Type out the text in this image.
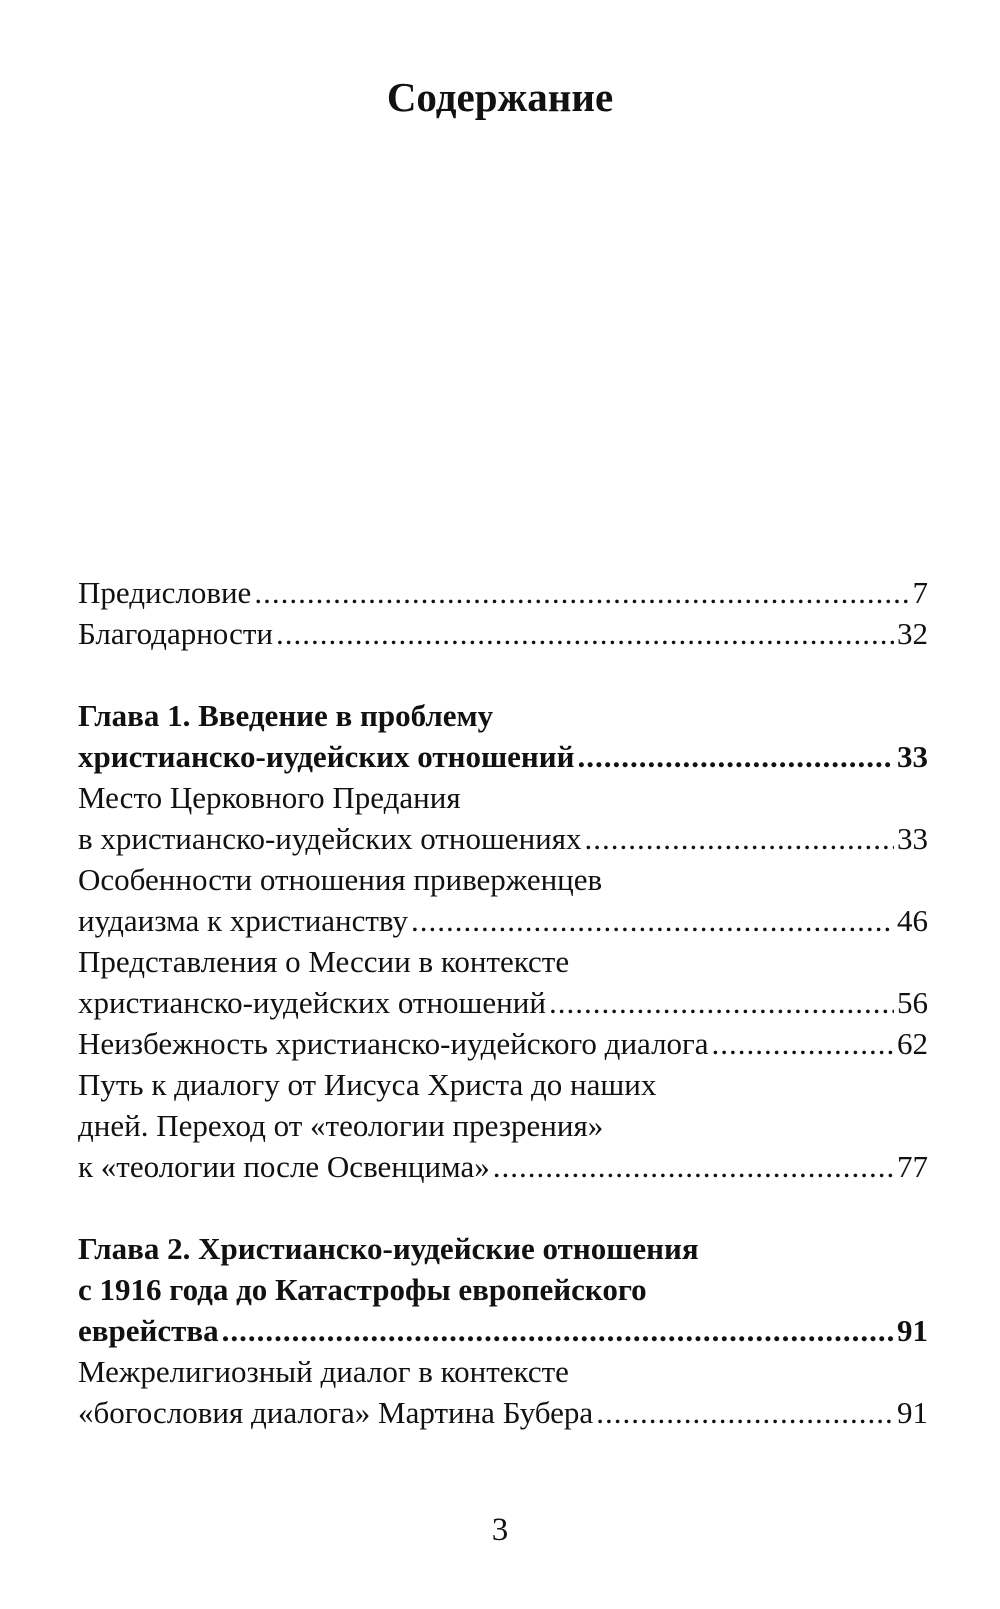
Содержание
Предисловие .....	7
Благодарности .....	32
Глава 1. Введение в проблему
христианско-иудейских отношений .....	33
Место Церковного Предания
в христианско-иудейских отношениях .....	33
Особенности отношения приверженцев
иудаизма к христианству .....	46
Представления о Мессии в контексте
христианско-иудейских отношений .....	56
Неизбежность христианско-иудейского диалога .....	62
Путь к диалогу от Иисуса Христа до наших
дней. Переход от «теологии презрения»
к «теологии после Освенцима» .....	77
Глава 2. Христианско-иудейские отношения
с 1916 года до Катастрофы европейского
еврейства .....	91
Межрелигиозный диалог в контексте
«богословия диалога» Мартина Бубера .....	91
3
